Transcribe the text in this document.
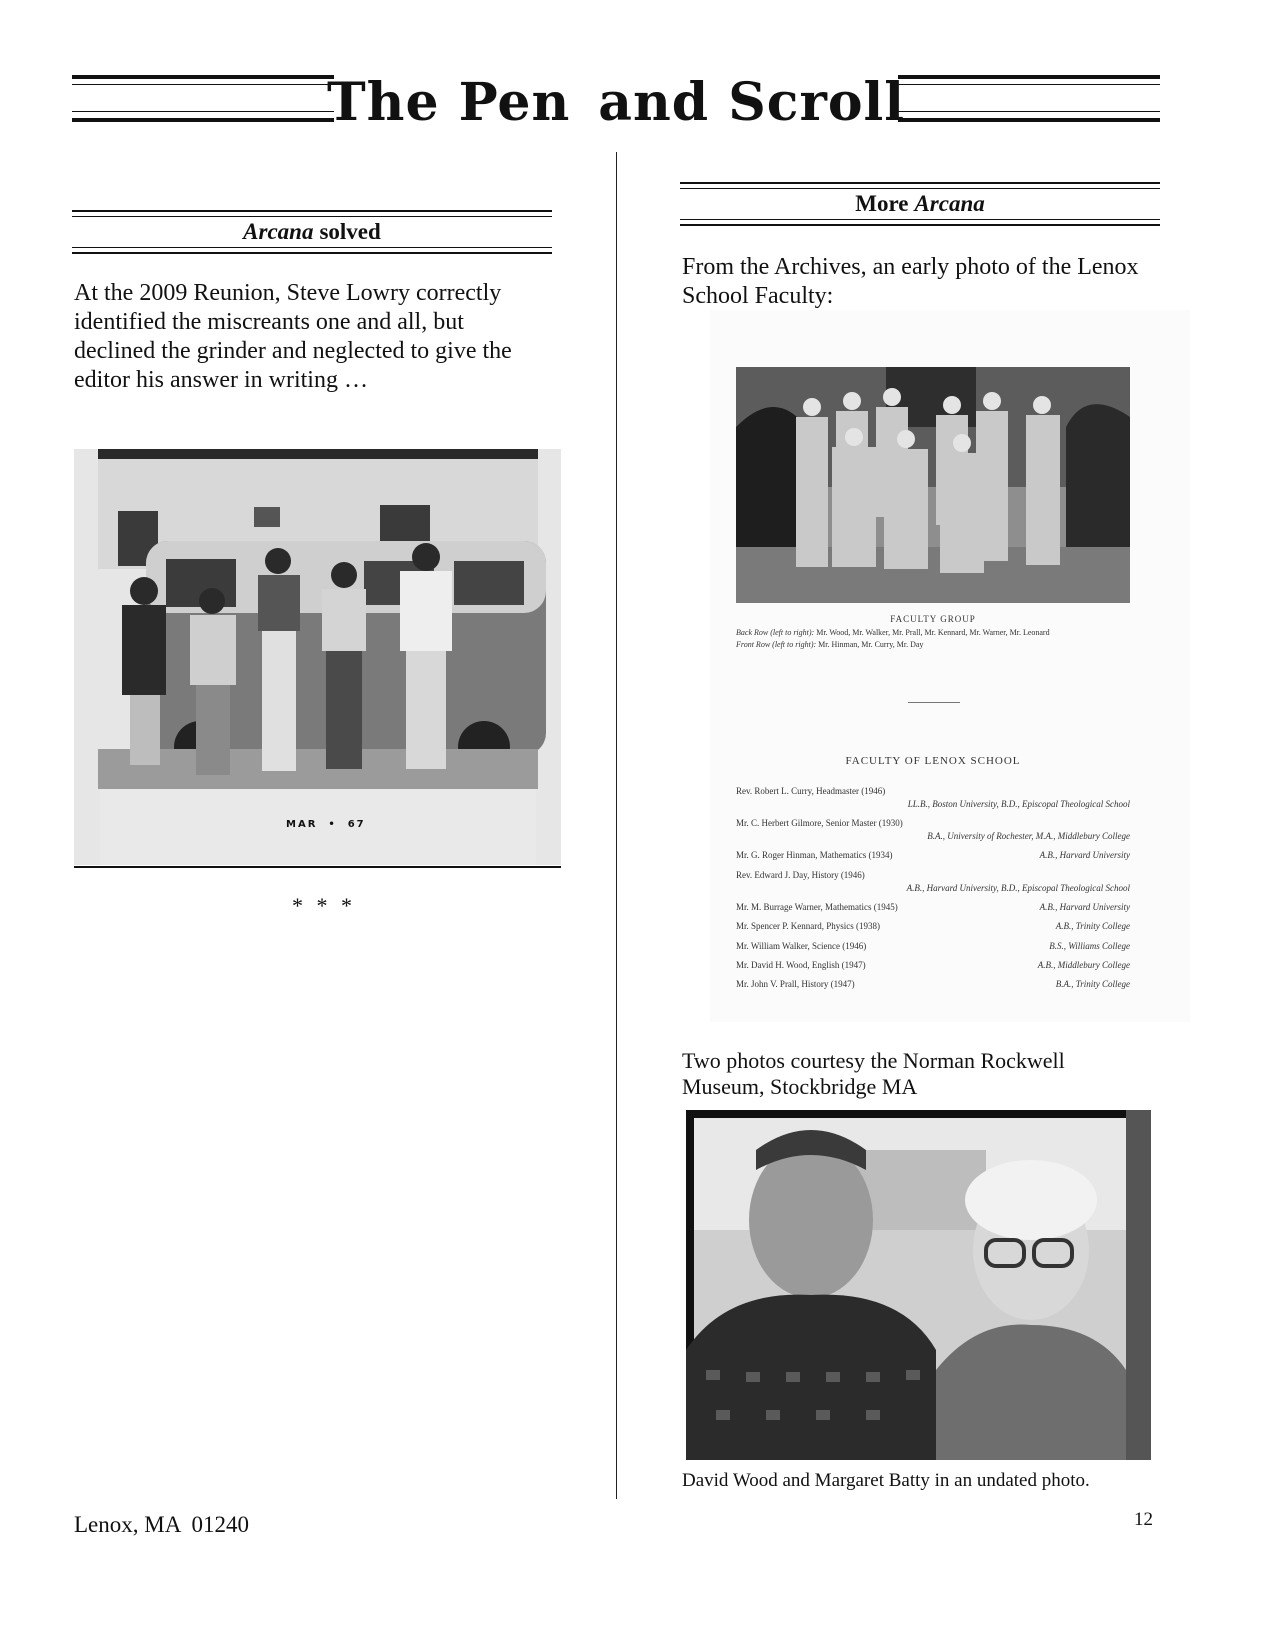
The Pen and Scroll
Arcana solved
At the 2009 Reunion, Steve Lowry correctly identified the miscreants one and all, but declined the grinder and neglected to give the editor his answer in writing …
MAR  •  67
* * *
More Arcana
From the Archives, an early photo of the Lenox School Faculty:
FACULTY GROUP
Back Row (left to right): Mr. Wood, Mr. Walker, Mr. Prall, Mr. Kennard, Mr. Warner, Mr. Leonard
Front Row (left to right): Mr. Hinman, Mr. Curry, Mr. Day
FACULTY OF LENOX SCHOOL
Rev. Robert L. Curry, Headmaster (1946)
LL.B., Boston University, B.D., Episcopal Theological School
Mr. C. Herbert Gilmore, Senior Master (1930)
B.A., University of Rochester, M.A., Middlebury College
Mr. G. Roger Hinman, Mathematics (1934)	A.B., Harvard University
Rev. Edward J. Day, History (1946)
A.B., Harvard University, B.D., Episcopal Theological School
Mr. M. Burrage Warner, Mathematics (1945)	A.B., Harvard University
Mr. Spencer P. Kennard, Physics (1938)	A.B., Trinity College
Mr. William Walker, Science (1946)	B.S., Williams College
Mr. David H. Wood, English (1947)	A.B., Middlebury College
Mr. John V. Prall, History (1947)	B.A., Trinity College
Two photos courtesy the Norman Rockwell Museum, Stockbridge MA
David Wood and Margaret Batty in an undated photo.
Lenox, MA  01240	12
